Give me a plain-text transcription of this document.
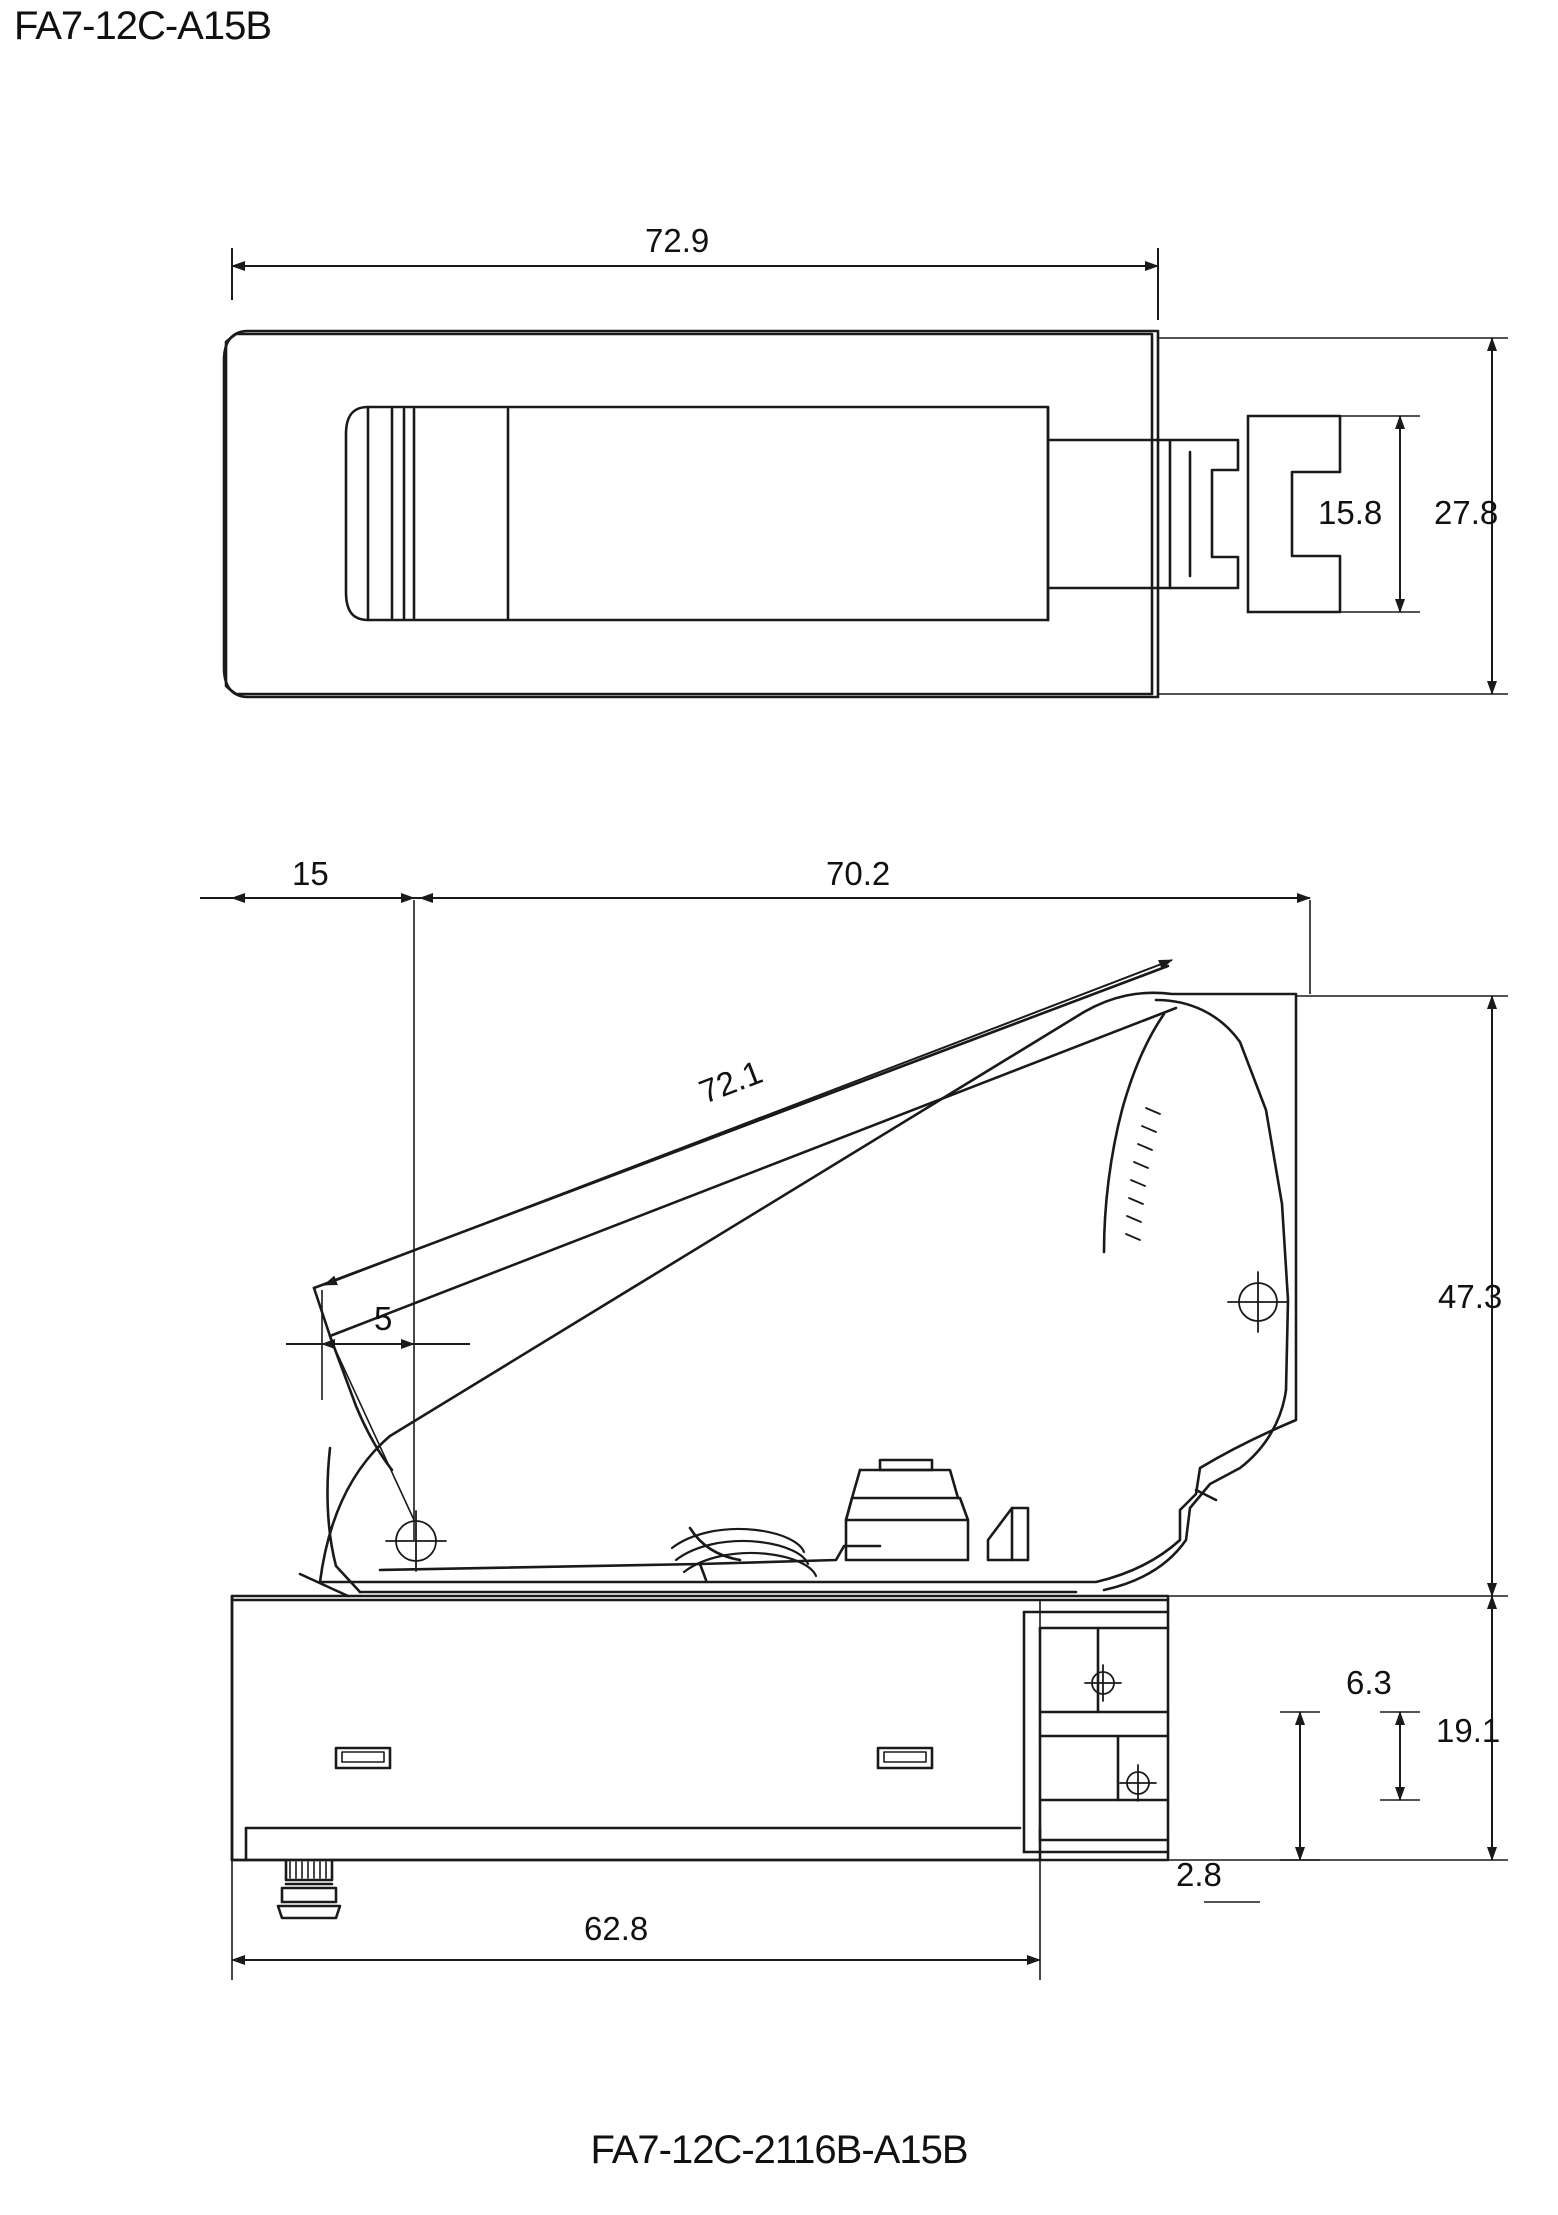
FA7-12C-A15B
72.9
15.8 27.8
15	70.2
72.1
5
47.3
19.1
6.3
2.8
62.8
FA7-12C-2116B-A15B
